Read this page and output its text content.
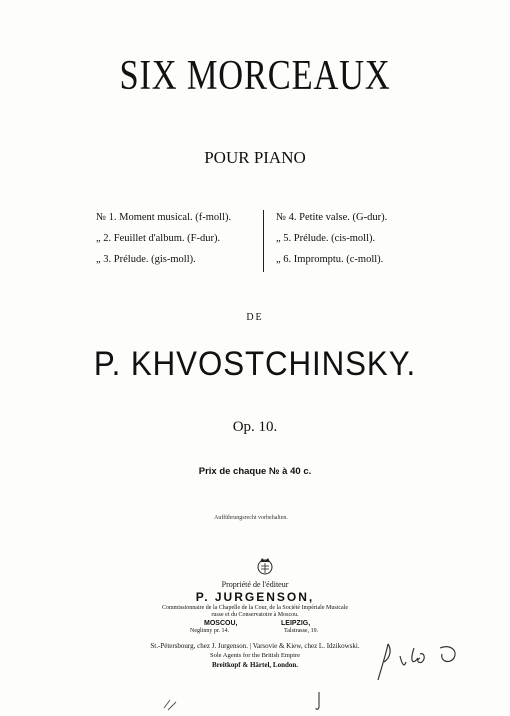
SIX MORCEAUX
POUR PIANO
№ 1. Moment musical. (f-moll).
„ 2. Feuillet d'album. (F-dur).
„ 3. Prélude. (gis-moll).
№ 4. Petite valse. (G-dur).
„ 5. Prélude. (cis-moll).
„ 6. Impromptu. (c-moll).
DE
P. KHVOSTCHINSKY.
Op. 10.
Prix de chaque № à 40 c.
Aufführungsrecht vorbehalten.
Propriété de l'éditeur
P. JURGENSON,
Commissionnaire de la Chapelle de la Cour, de la Société Impériale Musicale
russe et du Conservatoire à Moscou.
MOSCOU,	LEIPZIG,
Neglinny pr. 14.	Talstrasse, 19.
St.-Pétersbourg, chez J. Jurgenson. | Varsovie & Kiew, chez L. Idzikowski.
Sole Agents for the British Empire
Breitkopf & Härtel, London.
